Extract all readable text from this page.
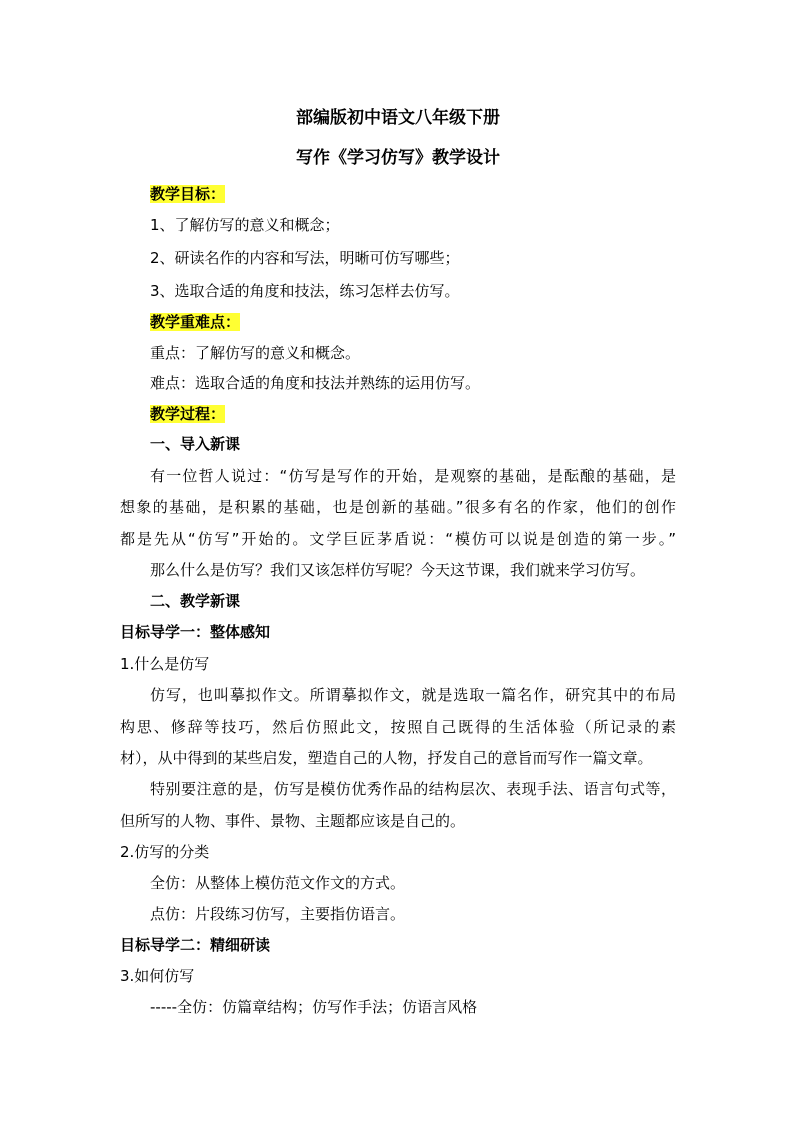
部编版初中语文八年级下册
写作《学习仿写》教学设计
教学目标：
1、了解仿写的意义和概念；
2、研读名作的内容和写法，明晰可仿写哪些；
3、选取合适的角度和技法，练习怎样去仿写。
教学重难点：
重点：了解仿写的意义和概念。
难点：选取合适的角度和技法并熟练的运用仿写。
教学过程：
一、导入新课
有一位哲人说过：“仿写是写作的开始，是观察的基础，是酝酿的基础，是
想象的基础，是积累的基础，也是创新的基础。”很多有名的作家，他们的创作
都是先从“仿写”开始的。文学巨匠茅盾说：“模仿可以说是创造的第一步。”
那么什么是仿写？我们又该怎样仿写呢？今天这节课，我们就来学习仿写。
二、教学新课
目标导学一：整体感知
1.什么是仿写
仿写，也叫摹拟作文。所谓摹拟作文，就是选取一篇名作，研究其中的布局
构思、修辞等技巧，然后仿照此文，按照自己既得的生活体验（所记录的素
材），从中得到的某些启发，塑造自己的人物，抒发自己的意旨而写作一篇文章。
特别要注意的是，仿写是模仿优秀作品的结构层次、表现手法、语言句式等，
但所写的人物、事件、景物、主题都应该是自己的。
2.仿写的分类
全仿：从整体上模仿范文作文的方式。
点仿：片段练习仿写，主要指仿语言。
目标导学二：精细研读
3.如何仿写
-----全仿：仿篇章结构；仿写作手法；仿语言风格
